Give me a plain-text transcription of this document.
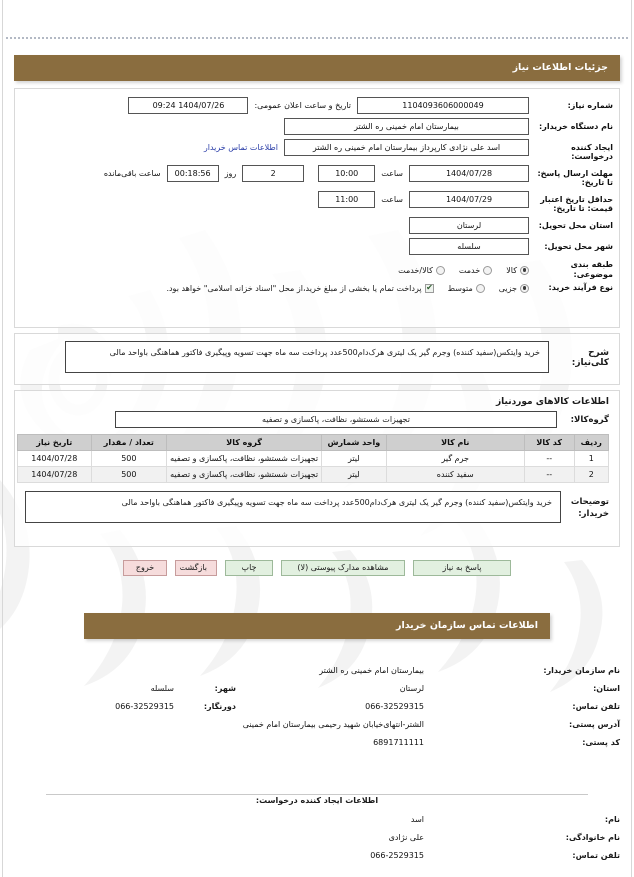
جزئیات اطلاعات نیاز
شماره نیاز:
1104093606000049
تاریخ و ساعت اعلان عمومی:
1404/07/26 09:24
نام دستگاه خریدار:
بیمارستان امام خمینی ره الشتر
ایجاد کننده درخواست:
اسد علی نژادی کارپرداز بیمارستان امام خمینی ره الشتر
اطلاعات تماس خریدار
مهلت ارسال پاسخ: تا تاریخ:
1404/07/28
ساعت
10:00
2
روز
00:18:56
ساعت باقی‌مانده
حداقل تاریخ اعتبار قیمت: تا تاریخ:
1404/07/29
ساعت
11:00
استان محل تحویل:
لرستان
شهر محل تحویل:
سلسله
طبقه بندی موضوعی:
کالا
خدمت
کالا/خدمت
نوع فرآیند خرید:
جزیی
متوسط
✔
پرداخت تمام یا بخشی از مبلغ خرید،از محل "اسناد خزانه اسلامی" خواهد بود.
شرح کلی‌نیاز:
خرید وایتکس(سفید کننده) وجرم گیر یک لیتری هرک‌دام500عدد پرداخت سه ماه جهت تسویه وپیگیری فاکتور هماهنگی باواحد مالی
اطلاعات کالاهای موردنیاز
گروه‌کالا:
تجهیزات شستشو، نظافت، پاکسازی و تصفیه
ردیف	کد کالا	نام کالا	واحد شمارش	گروه کالا	تعداد / مقدار	تاریخ نیاز
1	--	جرم گیر	لیتر	تجهیزات شستشو، نظافت، پاکسازی و تصفیه	500	1404/07/28
2	--	سفید کننده	لیتر	تجهیزات شستشو، نظافت، پاکسازی و تصفیه	500	1404/07/28
توضیحات خریدار:
خرید وایتکس(سفید کننده) وجرم گیر یک لیتری هرک‌دام500عدد پرداخت سه ماه جهت تسویه وپیگیری فاکتور هماهنگی باواحد مالی
پاسخ به نیاز
مشاهده مدارک پیوستی (لا)
چاپ
بازگشت
خروج
اطلاعات تماس سازمان خریدار
نام سازمان خریدار:
بیمارستان امام خمینی ره الشتر
استان:
لرستان
شهر:
سلسله
تلفن تماس:
066-32529315
دورنگار:
066-32529315
آدرس پستی:
الشتر-انتهای‌خیابان شهید رحیمی بیمارستان امام خمینی
کد پستی:
6891711111
اطلاعات ایجاد کننده درخواست:
نام:
اسد
نام خانوادگی:
علی نژادی
تلفن تماس:
066-2529315
